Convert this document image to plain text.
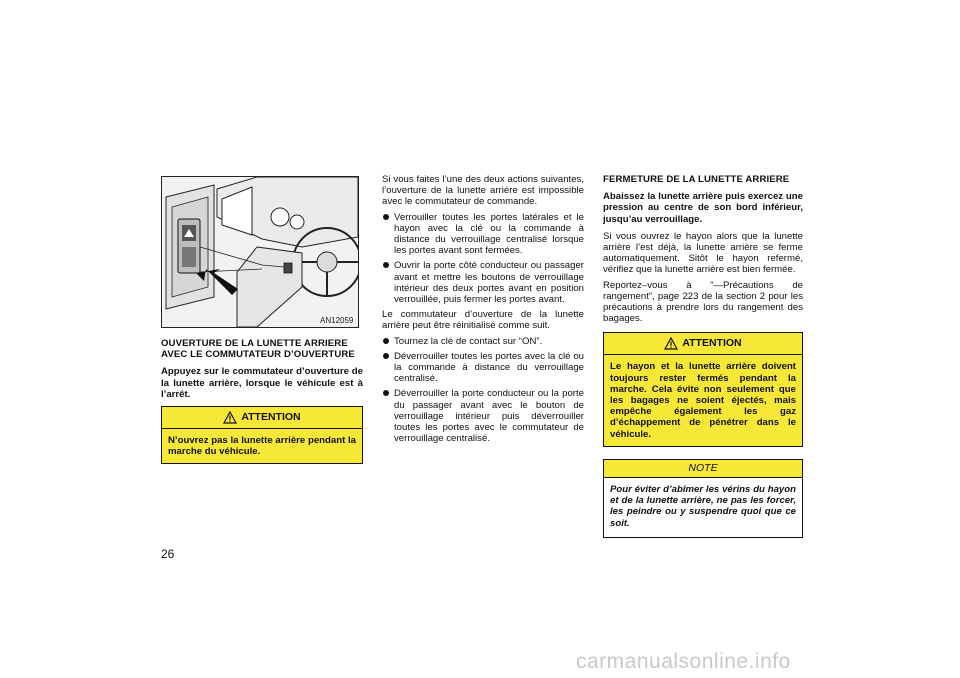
AN12059
OUVERTURE DE LA LUNETTE ARRIERE AVEC LE COMMUTATEUR D’OUVERTURE
Appuyez sur le commutateur d’ouverture de la lunette arrière, lorsque le véhicule est à l’arrêt.
ATTENTION
N’ouvrez pas la lunette arrière pendant la marche du véhicule.

Si vous faites l’une des deux actions suivantes, l’ouverture de la lunette arrière est impossible avec le commutateur de commande.

Verrouiller toutes les portes latérales et le hayon avec la clé ou la commande à distance du verrouillage centralisé lorsque les portes avant sont fermées.
Ouvrir la porte côté conducteur ou passager avant et mettre les boutons de verrouillage intérieur des deux portes avant en position verrouillée, puis fermer les portes avant.

Le commutateur d’ouverture de la lunette arrière peut être réinitialisé comme suit.

Tournez la clé de contact sur “ON”.
Déverrouiller toutes les portes avec la clé ou la commande à distance du verrouillage centralisé.
Déverrouiller la porte conducteur ou la porte du passager avant avec le bouton de verrouillage intérieur puis déverrouiller toutes les portes avec le commutateur de verrouillage centralisé.
FERMETURE DE LA LUNETTE ARRIERE
Abaissez la lunette arrière puis exercez une pression au centre de son bord inférieur, jusqu’au verrouillage.

Si vous ouvrez le hayon alors que la lunette arrière l’est déjà, la lunette arrière se ferme automatiquement. Sitôt le hayon refermé, vérifiez que la lunette arrière est bien fermée.

Reportez–vous à “—Précautions de rangement”, page 223 de la section 2 pour les précautions à prendre lors du rangement des bagages.

ATTENTION
Le hayon et la lunette arrière doivent toujours rester fermés pendant la marche. Cela évite non seulement que les bagages ne soient éjectés, mais empêche également les gaz d’échappement de pénétrer dans le véhicule.
NOTE
Pour éviter d’abîmer les vérins du hayon et de la lunette arrière, ne pas les forcer, les peindre ou y suspendre quoi que ce soit.
26
carmanualsonline.info
